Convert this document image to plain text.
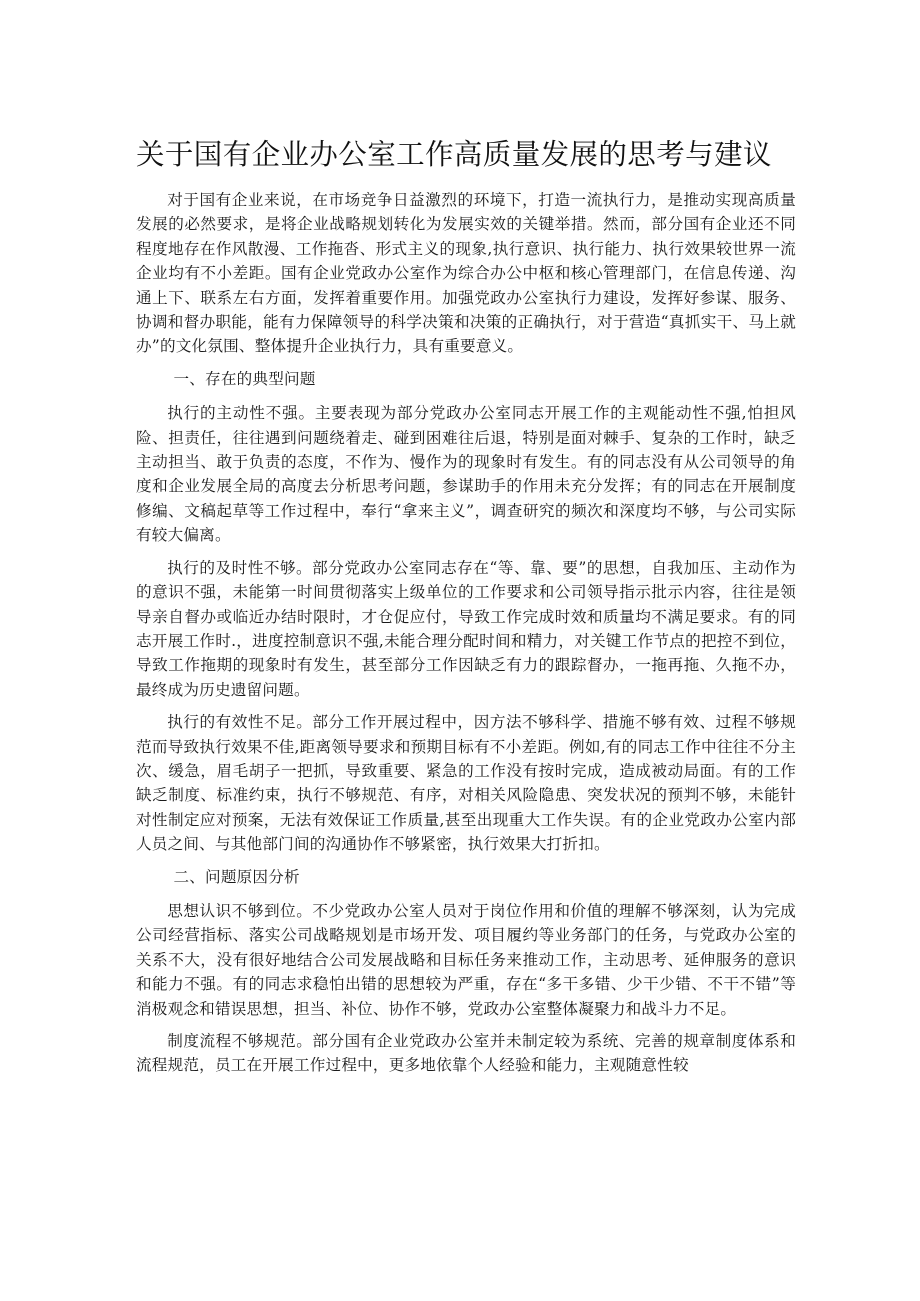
关于国有企业办公室工作高质量发展的思考与建议

对于国有企业来说，在市场竞争日益激烈的环境下，打造一流执行力，是推动实现高质量发展的必然要求，是将企业战略规划转化为发展实效的关键举措。然而，部分国有企业还不同程度地存在作风散漫、工作拖沓、形式主义的现象,执行意识、执行能力、执行效果较世界一流企业均有不小差距。国有企业党政办公室作为综合办公中枢和核心管理部门，在信息传递、沟通上下、联系左右方面，发挥着重要作用。加强党政办公室执行力建设，发挥好参谋、服务、协调和督办职能，能有力保障领导的科学决策和决策的正确执行，对于营造“真抓实干、马上就办”的文化氛围、整体提升企业执行力，具有重要意义。

一、存在的典型问题

执行的主动性不强。主要表现为部分党政办公室同志开展工作的主观能动性不强,怕担风险、担责任，往往遇到问题绕着走、碰到困难往后退，特别是面对棘手、复杂的工作时，缺乏主动担当、敢于负责的态度，不作为、慢作为的现象时有发生。有的同志没有从公司领导的角度和企业发展全局的高度去分析思考问题，参谋助手的作用未充分发挥；有的同志在开展制度修编、文稿起草等工作过程中，奉行“拿来主义”，调查研究的频次和深度均不够，与公司实际有较大偏离。

执行的及时性不够。部分党政办公室同志存在“等、靠、要”的思想，自我加压、主动作为的意识不强，未能第一时间贯彻落实上级单位的工作要求和公司领导指示批示内容，往往是领导亲自督办或临近办结时限时，才仓促应付，导致工作完成时效和质量均不满足要求。有的同志开展工作时.，进度控制意识不强,未能合理分配时间和精力，对关键工作节点的把控不到位，导致工作拖期的现象时有发生，甚至部分工作因缺乏有力的跟踪督办，一拖再拖、久拖不办，最终成为历史遗留问题。

执行的有效性不足。部分工作开展过程中，因方法不够科学、措施不够有效、过程不够规范而导致执行效果不佳,距离领导要求和预期目标有不小差距。例如,有的同志工作中往往不分主次、缓急，眉毛胡子一把抓，导致重要、紧急的工作没有按时完成，造成被动局面。有的工作缺乏制度、标准约束，执行不够规范、有序，对相关风险隐患、突发状况的预判不够，未能针对性制定应对预案，无法有效保证工作质量,甚至出现重大工作失误。有的企业党政办公室内部人员之间、与其他部门间的沟通协作不够紧密，执行效果大打折扣。

二、问题原因分析

思想认识不够到位。不少党政办公室人员对于岗位作用和价值的理解不够深刻，认为完成公司经营指标、落实公司战略规划是市场开发、项目履约等业务部门的任务，与党政办公室的关系不大，没有很好地结合公司发展战略和目标任务来推动工作，主动思考、延伸服务的意识和能力不强。有的同志求稳怕出错的思想较为严重，存在“多干多错、少干少错、不干不错”等消极观念和错误思想，担当、补位、协作不够，党政办公室整体凝聚力和战斗力不足。

制度流程不够规范。部分国有企业党政办公室并未制定较为系统、完善的规章制度体系和流程规范，员工在开展工作过程中，更多地依靠个人经验和能力，主观随意性较
